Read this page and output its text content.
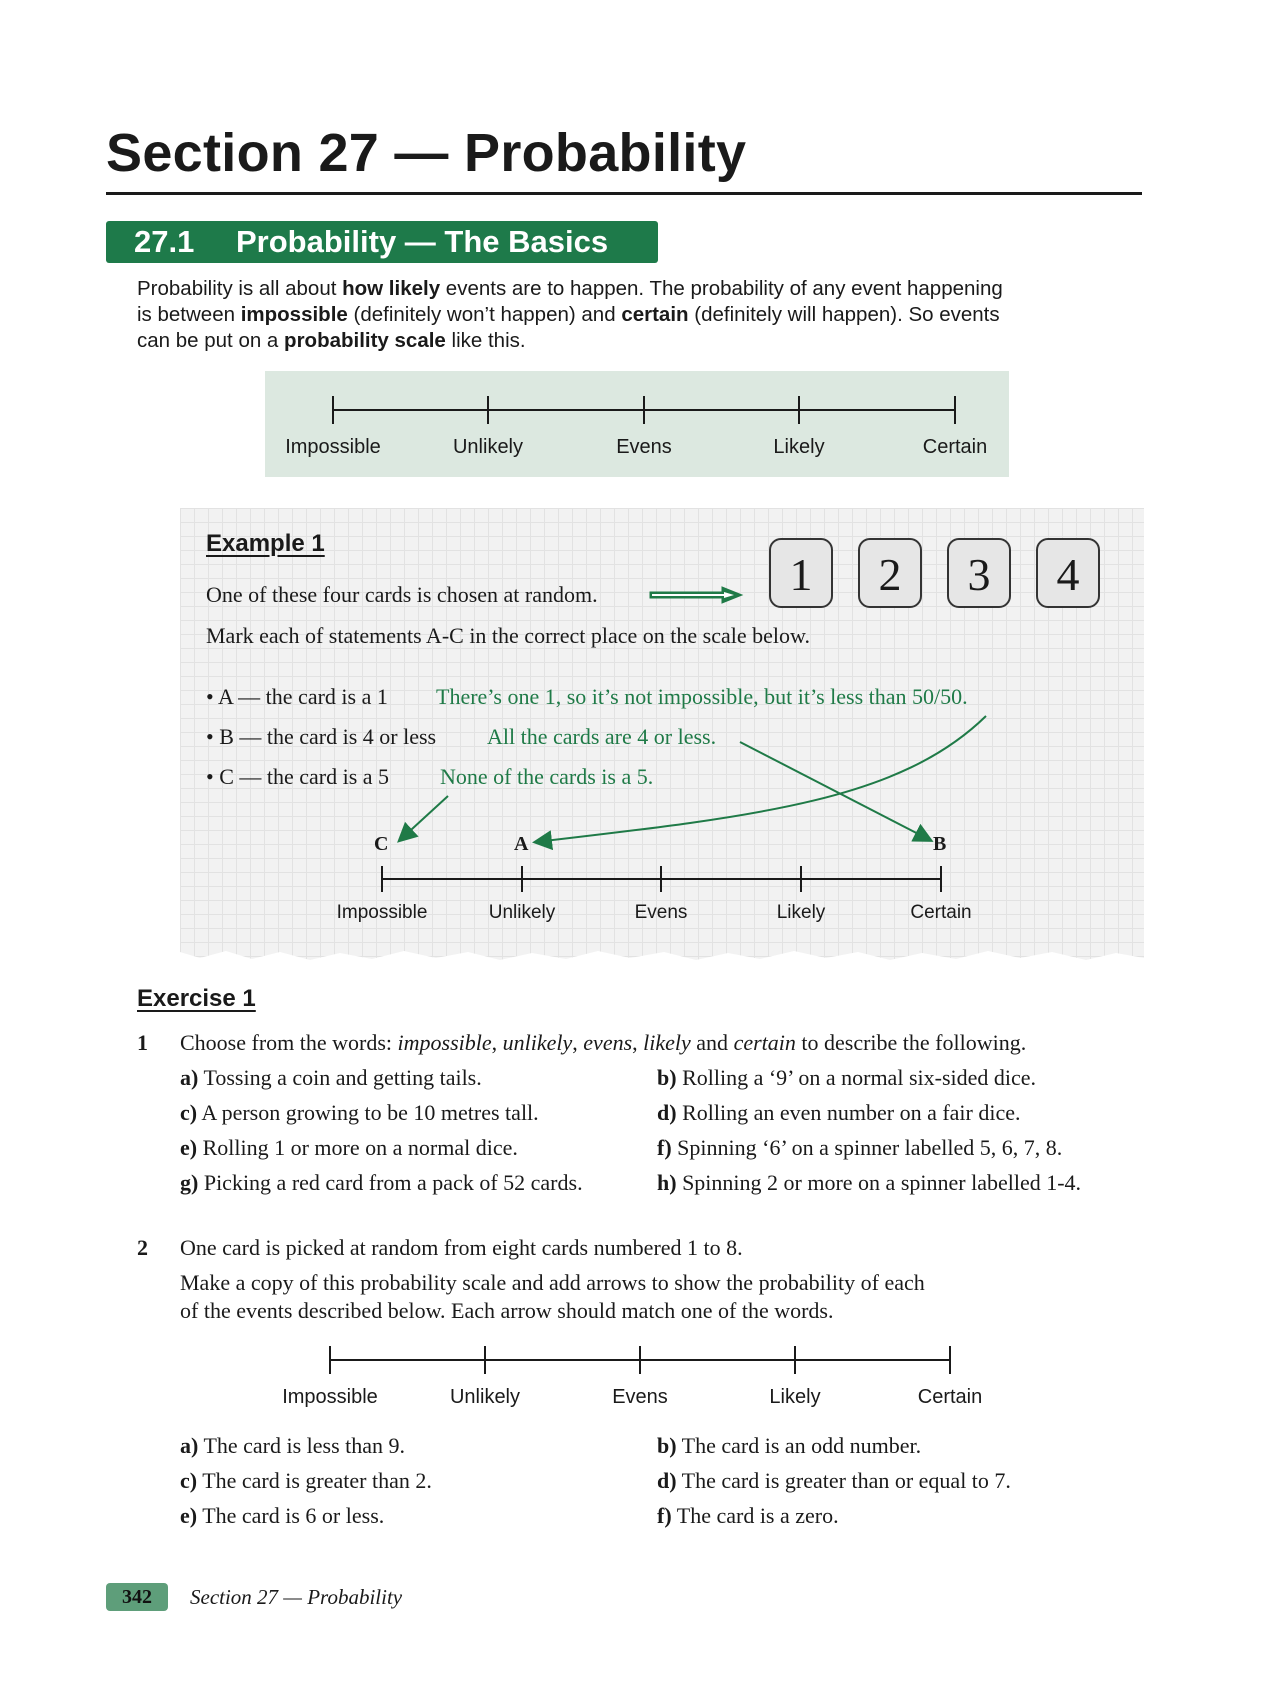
Section 27 — Probability
27.1 Probability — The Basics
Probability is all about how likely events are to happen. The probability of any event happening
is between impossible (definitely won’t happen) and certain (definitely will happen). So events
can be put on a probability scale like this.
Impossible	Unlikely	Evens	Likely	Certain
Example 1
One of these four cards is chosen at random.
Mark each of statements A-C in the correct place on the scale below.
1	2	3	4
• A — the card is a 1 There’s one 1, so it’s not impossible, but it’s less than 50/50.
• B — the card is 4 or less All the cards are 4 or less.
• C — the card is a 5 None of the cards is a 5.
C	A	B
Impossible	Unlikely	Evens	Likely	Certain
Exercise 1
1 Choose from the words: impossible, unlikely, evens, likely and certain to describe the following.
a) Tossing a coin and getting tails.	b) Rolling a ‘9’ on a normal six-sided dice.
c) A person growing to be 10 metres tall.	d) Rolling an even number on a fair dice.
e) Rolling 1 or more on a normal dice.	f) Spinning ‘6’ on a spinner labelled 5, 6, 7, 8.
g) Picking a red card from a pack of 52 cards.	h) Spinning 2 or more on a spinner labelled 1-4.
2 One card is picked at random from eight cards numbered 1 to 8.
Make a copy of this probability scale and add arrows to show the probability of each
of the events described below. Each arrow should match one of the words.
Impossible	Unlikely	Evens	Likely	Certain
a) The card is less than 9.	b) The card is an odd number.
c) The card is greater than 2.	d) The card is greater than or equal to 7.
e) The card is 6 or less.	f) The card is a zero.
342	Section 27 — Probability
